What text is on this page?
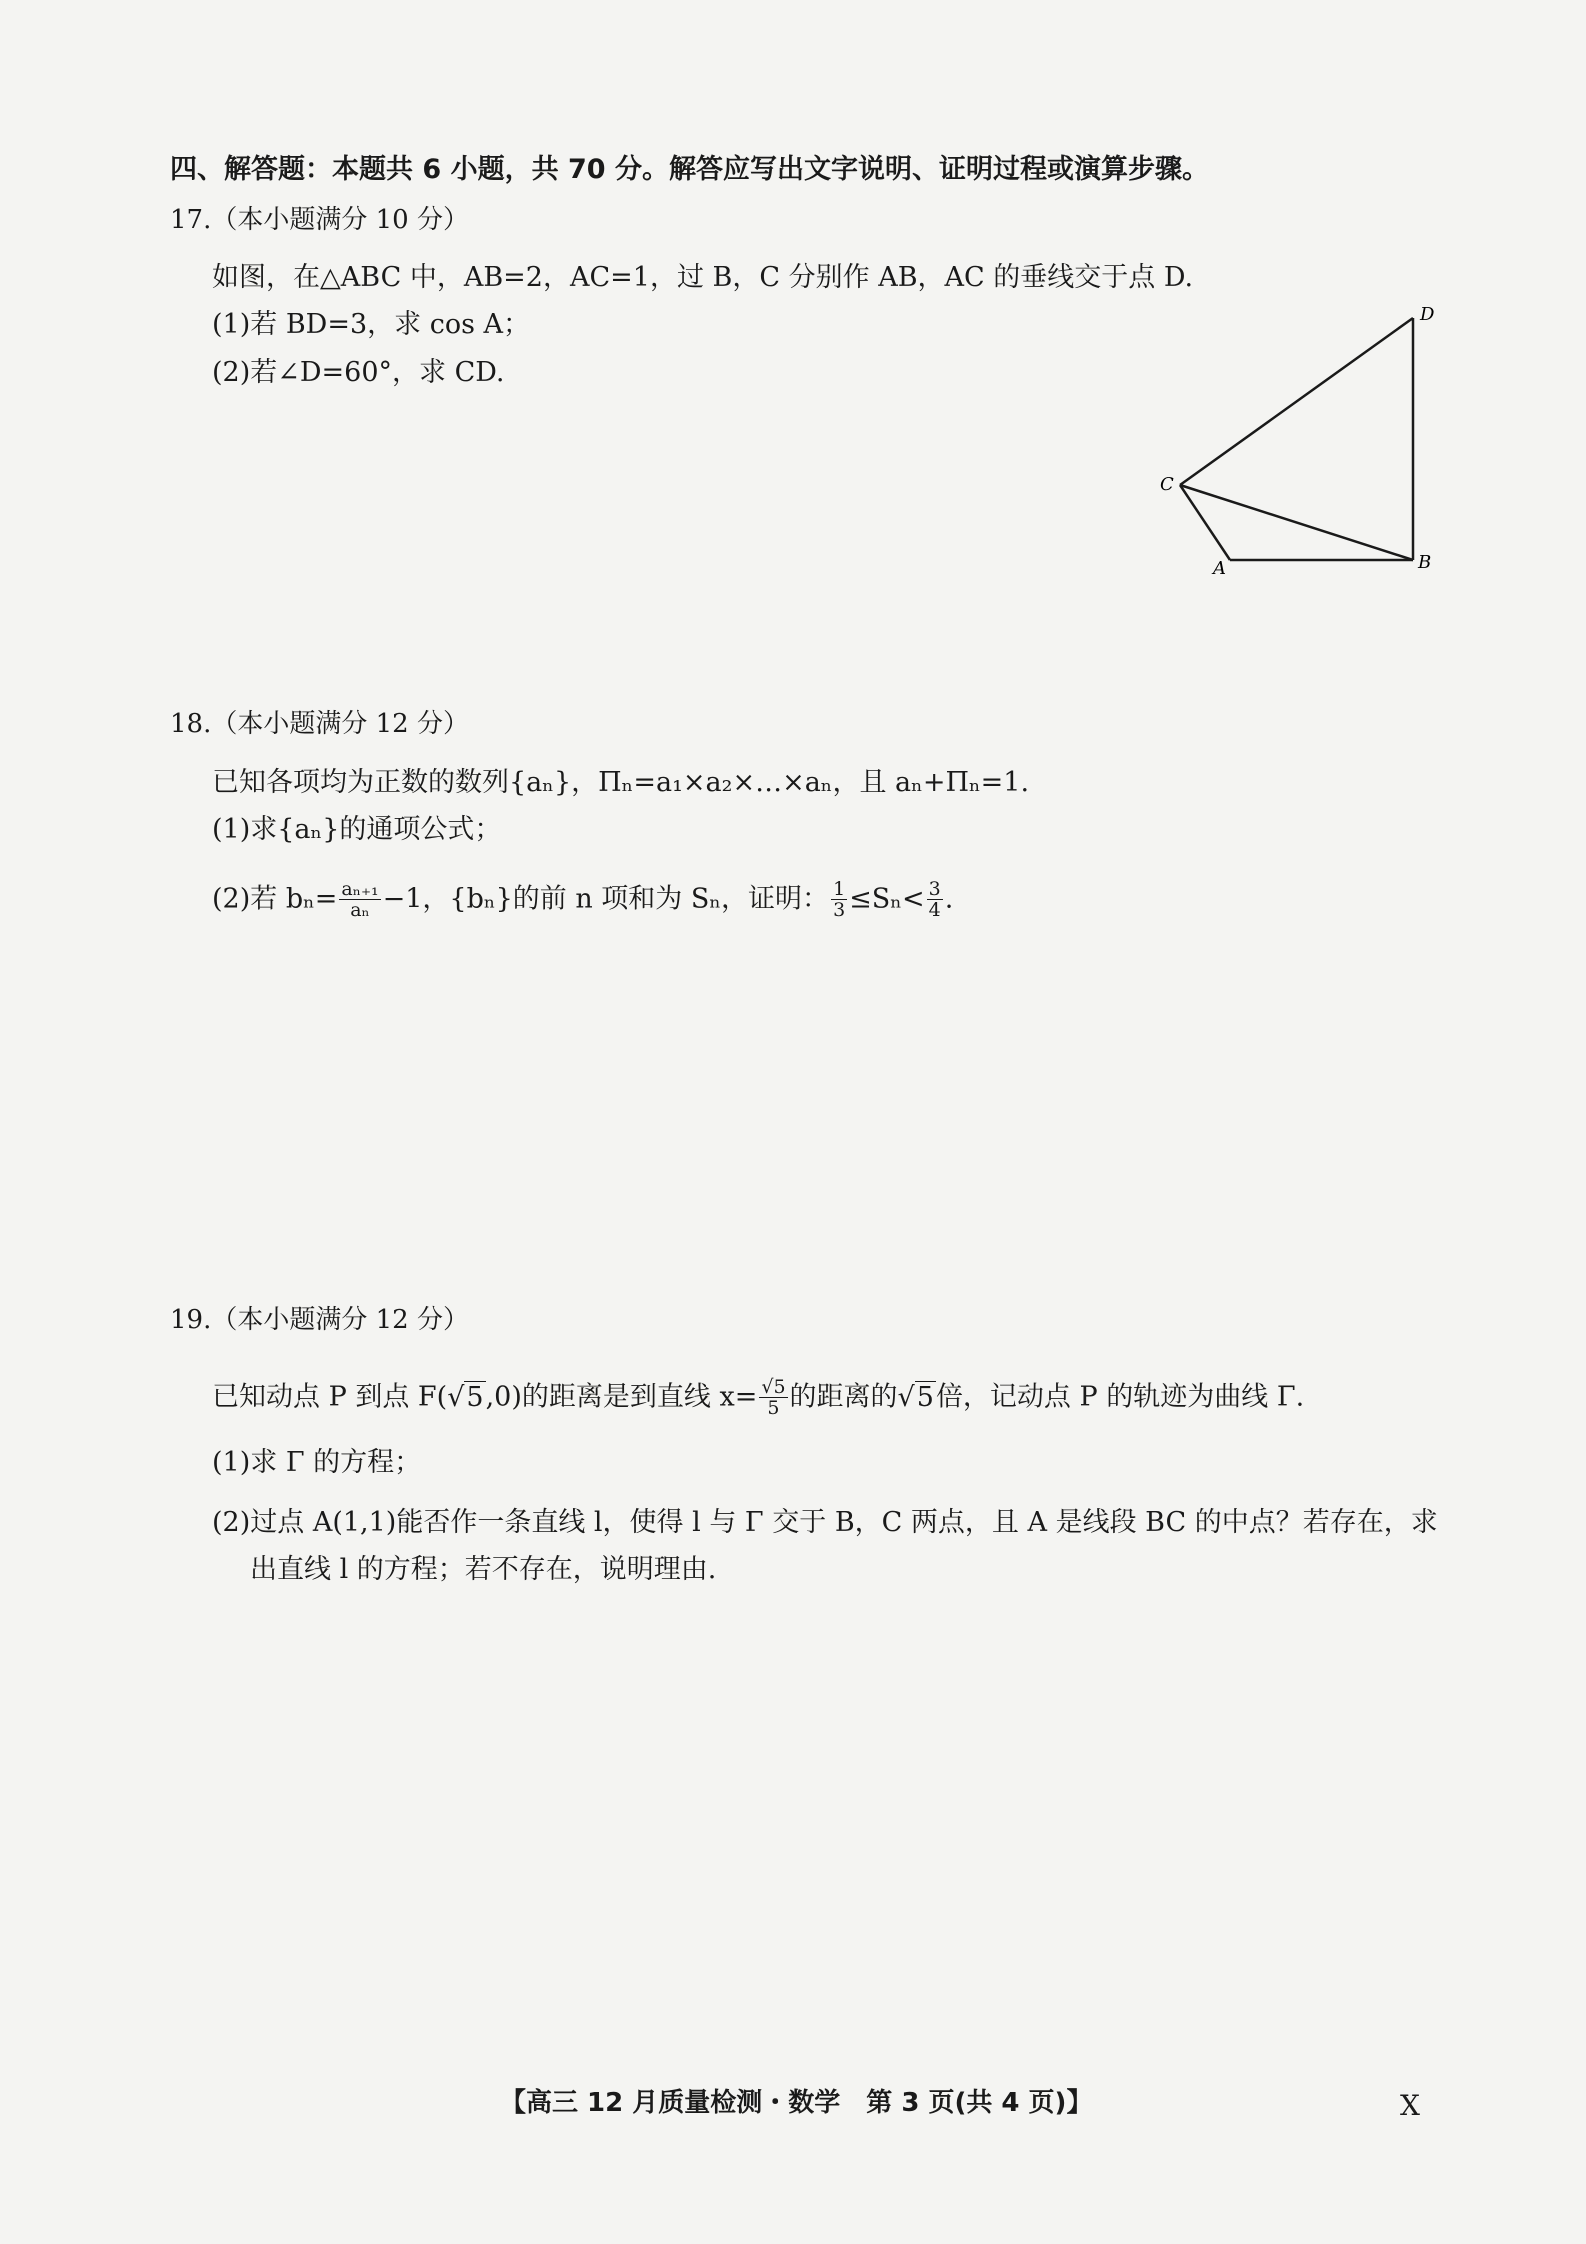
四、解答题：本题共 6 小题，共 70 分。解答应写出文字说明、证明过程或演算步骤。
17.（本小题满分 10 分）
如图，在△ABC 中，AB=2，AC=1，过 B，C 分别作 AB，AC 的垂线交于点 D.
(1)若 BD=3，求 cos A；
(2)若∠D=60°，求 CD.
D
C
A	B
18.（本小题满分 12 分）
已知各项均为正数的数列{aₙ}，Πₙ=a₁×a₂×…×aₙ，且 aₙ+Πₙ=1.
(1)求{aₙ}的通项公式；
(2)若 $b_n= \frac{\text{aₙ₊₁}}{\text{aₙ}} -1$，{bₙ}的前 n 项和为 Sₙ，证明： $\frac{1}{3} \le S_n< \frac{3}{4}$ .
19.（本小题满分 12 分）
已知动点 P 到点 F(√5,0)的距离是到直线 $x= \frac{√5}{5}$ 的距离的√5倍，记动点 P 的轨迹为曲线 Γ.
(1)求 Γ 的方程；
(2)过点 A(1,1)能否作一条直线 l，使得 l 与 Γ 交于 B，C 两点，且 A 是线段 BC 的中点？若存在，求
出直线 l 的方程；若不存在，说明理由.
【高三 12 月质量检测・数学　第 3 页(共 4 页)】	X
